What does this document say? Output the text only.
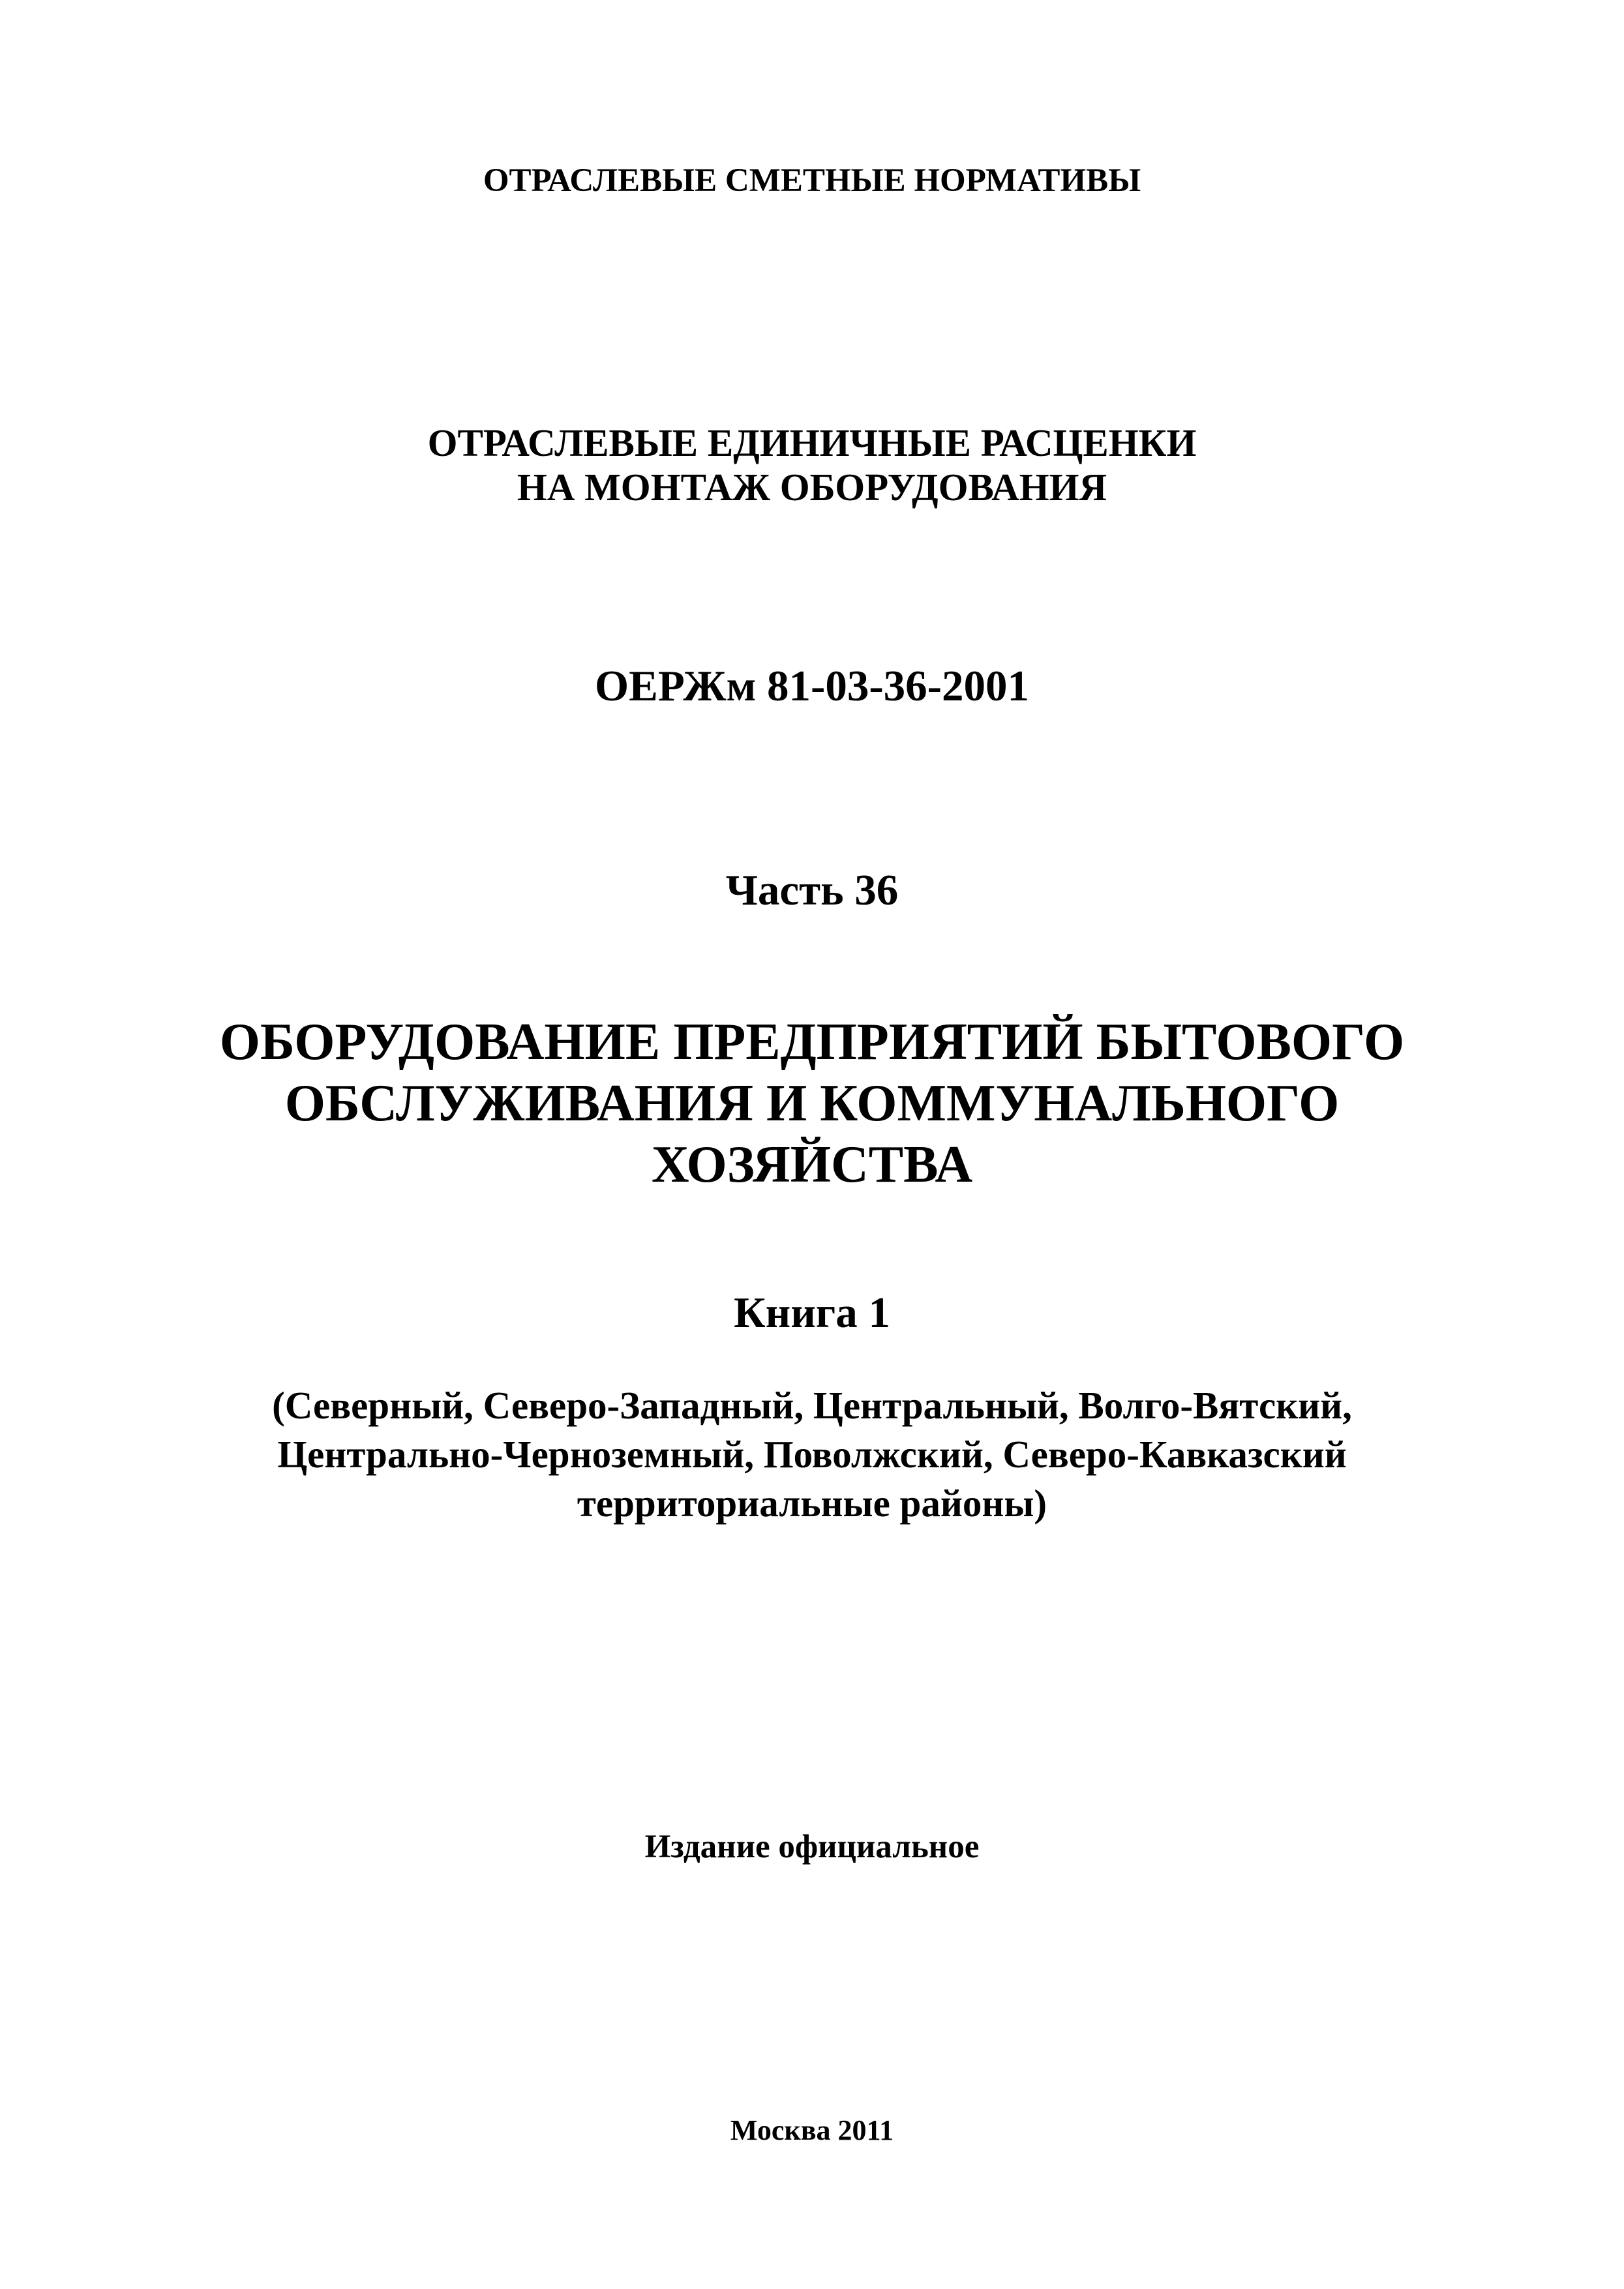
ОТРАСЛЕВЫЕ СМЕТНЫЕ НОРМАТИВЫ

ОТРАСЛЕВЫЕ ЕДИНИЧНЫЕ РАСЦЕНКИ

НА МОНТАЖ ОБОРУДОВАНИЯ

ОЕРЖм 81-03-36-2001

Часть 36

ОБОРУДОВАНИЕ ПРЕДПРИЯТИЙ БЫТОВОГО

ОБСЛУЖИВАНИЯ И КОММУНАЛЬНОГО

ХОЗЯЙСТВА

Книга 1

(Северный, Северо-Западный, Центральный, Волго-Вятский,

Центрально-Черноземный, Поволжский, Северо-Кавказский

территориальные районы)

Издание официальное

Москва 2011
